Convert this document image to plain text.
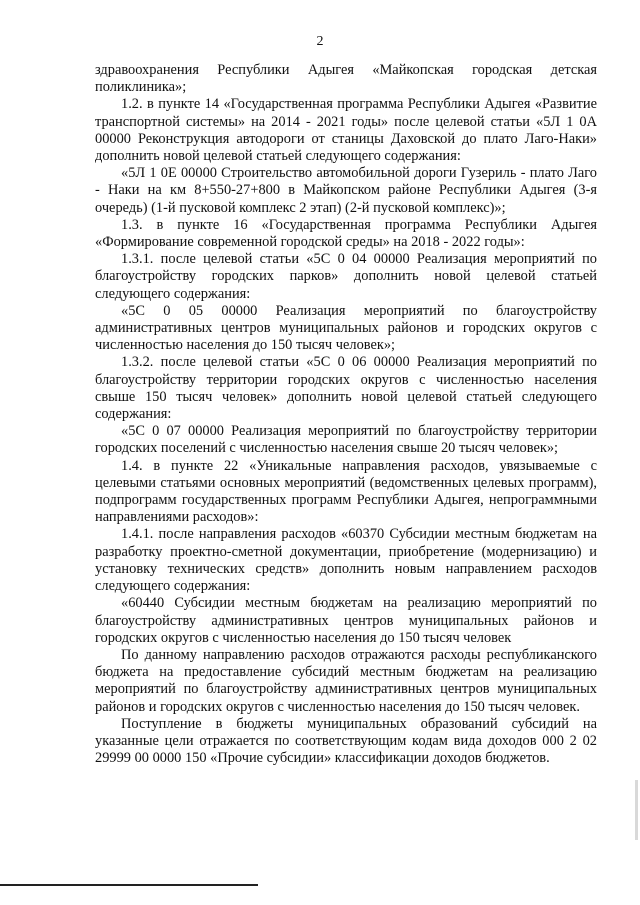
2

здравоохранения Республики Адыгея «Майкопская городская детская поликлиника»;

1.2. в пункте 14 «Государственная программа Республики Адыгея «Развитие транспортной системы» на 2014 - 2021 годы» после целевой статьи «5Л 1 0А 00000 Реконструкция автодороги от станицы Даховской до плато Лаго-Наки» дополнить новой целевой статьей следующего содержания:

«5Л 1 0Е 00000 Строительство автомобильной дороги Гузериль - плато Лаго - Наки на км 8+550-27+800 в Майкопском районе Республики Адыгея (3-я очередь) (1-й пусковой комплекс 2 этап) (2-й пусковой комплекс)»;

1.3. в пункте 16 «Государственная программа Республики Адыгея «Формирование современной городской среды» на 2018 - 2022 годы»:

1.3.1. после целевой статьи «5С 0 04 00000 Реализация мероприятий по благоустройству городских парков» дополнить новой целевой статьей следующего содержания:

«5С 0 05 00000 Реализация мероприятий по благоустройству административных центров муниципальных районов и городских округов с численностью населения до 150 тысяч человек»;

1.3.2. после целевой статьи «5С 0 06 00000 Реализация мероприятий по благоустройству территории городских округов с численностью населения свыше 150 тысяч человек» дополнить новой целевой статьей следующего содержания:

«5С 0 07 00000 Реализация мероприятий по благоустройству территории городских поселений с численностью населения свыше 20 тысяч человек»;

1.4. в пункте 22 «Уникальные направления расходов, увязываемые с целевыми статьями основных мероприятий (ведомственных целевых программ), подпрограмм государственных программ Республики Адыгея, непрограммными направлениями расходов»:

1.4.1. после направления расходов «60370 Субсидии местным бюджетам на разработку проектно-сметной документации, приобретение (модернизацию) и установку технических средств» дополнить новым направлением расходов следующего содержания:

«60440 Субсидии местным бюджетам на реализацию мероприятий по благоустройству административных центров муниципальных районов и городских округов с численностью населения до 150 тысяч человек

По данному направлению расходов отражаются расходы республиканского бюджета на предоставление субсидий местным бюджетам на реализацию мероприятий по благоустройству административных центров муниципальных районов и городских округов с численностью населения до 150 тысяч человек.

Поступление в бюджеты муниципальных образований субсидий на указанные цели отражается по соответствующим кодам вида доходов 000 2 02 29999 00 0000 150 «Прочие субсидии» классификации доходов бюджетов.
